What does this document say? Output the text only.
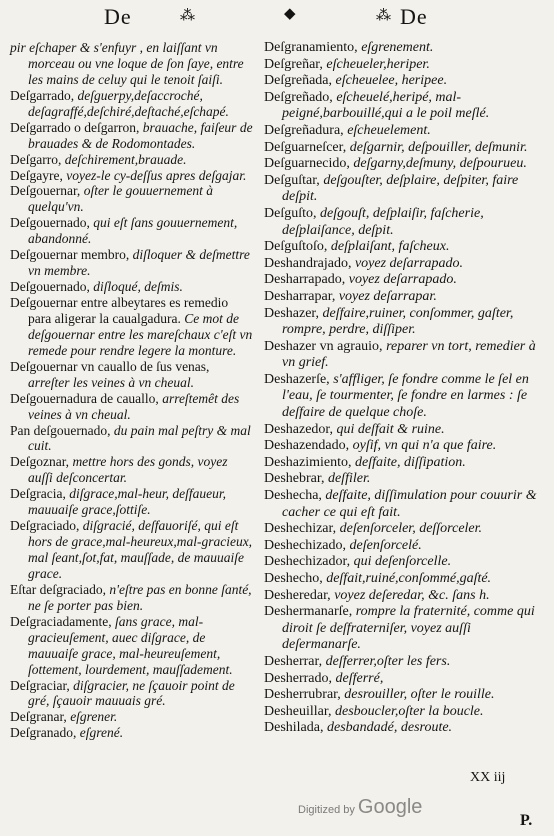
De	⁂	◆	⁂ De

pir eſchaper & s'enfuyr , en laiſſant vn morceau ou vne loque de ſon ſaye, entre les mains de celuy qui le tenoit ſaiſi.

Deſgarrado, deſguerpy,deſaccroché, deſagraffé,deſchiré,deſtaché,eſchapé.

Deſgarrado o deſgarron, brauache, faiſeur de brauades & de Rodomontades.

Deſgarro, deſchirement,brauade.

Deſgayre, voyez-le cy-deſſus apres deſgajar.

Deſgouernar, oſter le gouuernement à quelqu'vn.

Deſgouernado, qui eſt ſans gouuernement, abandonné.

Deſgouernar membro, diſloquer & deſmettre vn membre.

Deſgouernado, diſloqué, deſmis.

Deſgouernar entre albeytares es remedio para aligerar la caualgadura. Ce mot de deſgouernar entre les mareſchaux c'eſt vn remede pour rendre legere la monture.

Deſgouernar vn cauallo de ſus venas, arreſter les veines à vn cheual.

Deſgouernadura de cauallo, arreſtemêt des veines à vn cheual.

Pan deſgouernado, du pain mal peſtry & mal cuit.

Deſgoznar, mettre hors des gonds, voyez auſſi deſconcertar.

Deſgracia, diſgrace,mal-heur, deſfaueur, mauuaiſe grace,ſottiſe.

Deſgraciado, diſgracié, deſfauoriſé, qui eſt hors de grace,mal-heureux,mal-gracieux, mal ſeant,ſot,fat, mauſſade, de mauuaiſe grace.

Eſtar deſgraciado, n'eſtre pas en bonne ſanté, ne ſe porter pas bien.

Deſgraciadamente, ſans grace, mal-gracieuſement, auec diſgrace, de mauuaiſe grace, mal-heureuſement, ſottement, lourdement, mauſſadement.

Deſgraciar, diſgracier, ne ſçauoir point de gré, ſçauoir mauuais gré.

Deſgranar, eſgrener.

Deſgranado, eſgrené.

Deſgranamiento, eſgrenement.

Deſgreñar, eſcheueler,heriper.

Deſgreñada, eſcheuelee, heripee.

Deſgreñado, eſcheuelé,heripé, mal-peigné,barbouillé,qui a le poil meſlé.

Deſgreñadura, eſcheuelement.

Deſguarneſcer, deſgarnir, deſpouiller, deſmunir.

Deſguarnecido, deſgarny,deſmuny, deſpourueu.

Deſguſtar, deſgouſter, deſplaire, deſpiter, faire deſpit.

Deſguſto, deſgouſt, deſplaiſir, faſcherie, deſplaiſance, deſpit.

Deſguſtoſo, deſplaiſant, faſcheux.

Deshandrajado, voyez deſarrapado.

Desharrapado, voyez deſarrapado.

Desharrapar, voyez deſarrapar.

Deshazer, deſfaire,ruiner, conſommer, gaſter, rompre, perdre, diſſiper.

Deshazer vn agrauio, reparer vn tort, remedier à vn grief.

Deshazerſe, s'affliger, ſe fondre comme le ſel en l'eau, ſe tourmenter, ſe fondre en larmes : ſe deſfaire de quelque choſe.

Deshazedor, qui deſfait & ruine.

Deshazendado, oyſif, vn qui n'a que faire.

Deshazimiento, deſfaite, diſſipation.

Deshebrar, deſfiler.

Deshecha, deſfaite, diſſimulation pour couurir & cacher ce qui eſt fait.

Deshechizar, deſenſorceler, deſſorceler.

Deshechizado, deſenſorcelé.

Deshechizador, qui deſenſorcelle.

Desheсho, deſfait,ruiné,conſommé,gaſté.

Deshеredar, voyez deſeredar, &c. ſans h.

Deshermanarſe, rompre la fraternité, comme qui diroit ſe deſfraterniſer, voyez auſſi deſermanarſe.

Desherrar, deſferrer,oſter les fers.

Desherrado, deſferré,

Desherrubrar, desrouiller, oſter le rouille.

Desheuillar, desboucler,oſter la boucle.

Deshilada, desbandadé, desroute.

XX iij
Digitized by Google
P.
